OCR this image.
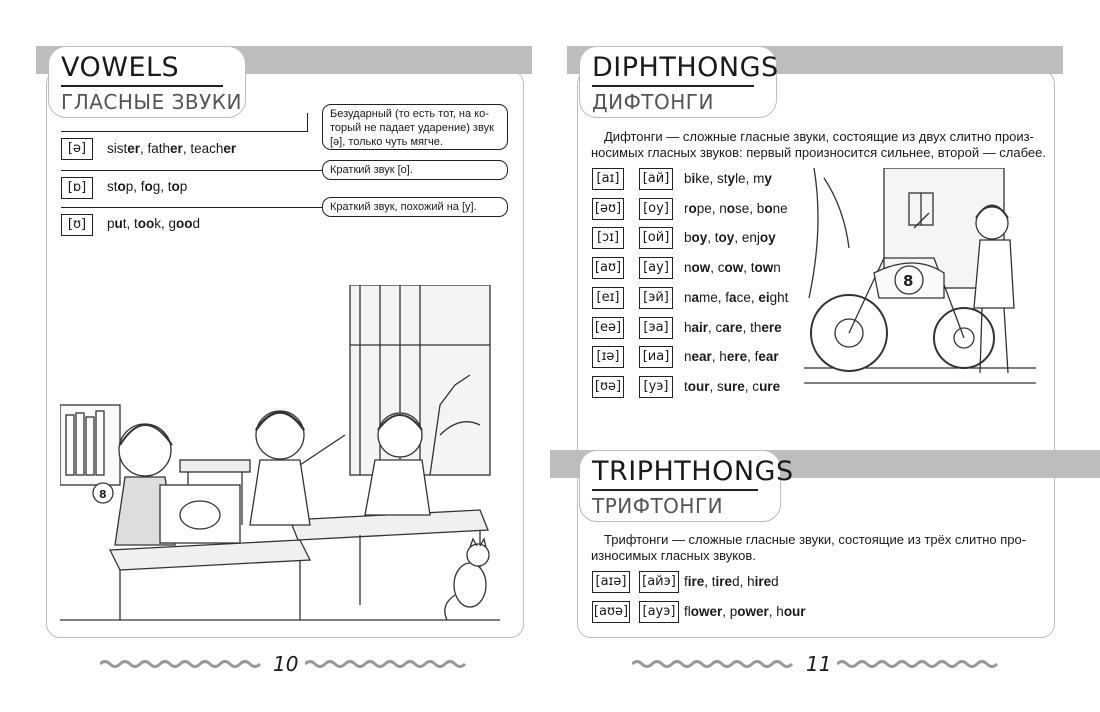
VOWELS
ГЛАСНЫЕ ЗВУКИ
[ə]	sister, father, teacher
[ɒ]	stop, fog, top
[ʊ]	put, took, good
Безударный (то есть тот, на ко-торый не падает ударение) звук [ə], только чуть мягче.
Краткий звук [о].
Краткий звук, похожий на [у].
8
10
DIPHTHONGS
ДИФТОНГИ
Дифтонги — сложные гласные звуки, состоящие из двух слитно произ-
носимых гласных звуков: первый произносится сильнее, второй — слабее.
[aɪ]	[ай] bike, style, my
[əʊ]	[оу]	rope, nose, bone
[ɔɪ]	[ой] boy, toy, enjoy
[aʊ]	[ау]	now, cow, town
[eɪ]	[эй]	name, face, eight
[eə]	[эа]	hair, care, there
[ɪə]	[иа] near, here, fear
[ʊə]	[уэ]	tour, sure, cure
8
TRIPHTHONGS
ТРИФТОНГИ
Трифтонги — сложные гласные звуки, состоящие из трёх слитно про-
износимых гласных звуков.
[aɪə] [айэ] fire, tired, hired
[aʊə] [ауэ] flower, power, hour
11
